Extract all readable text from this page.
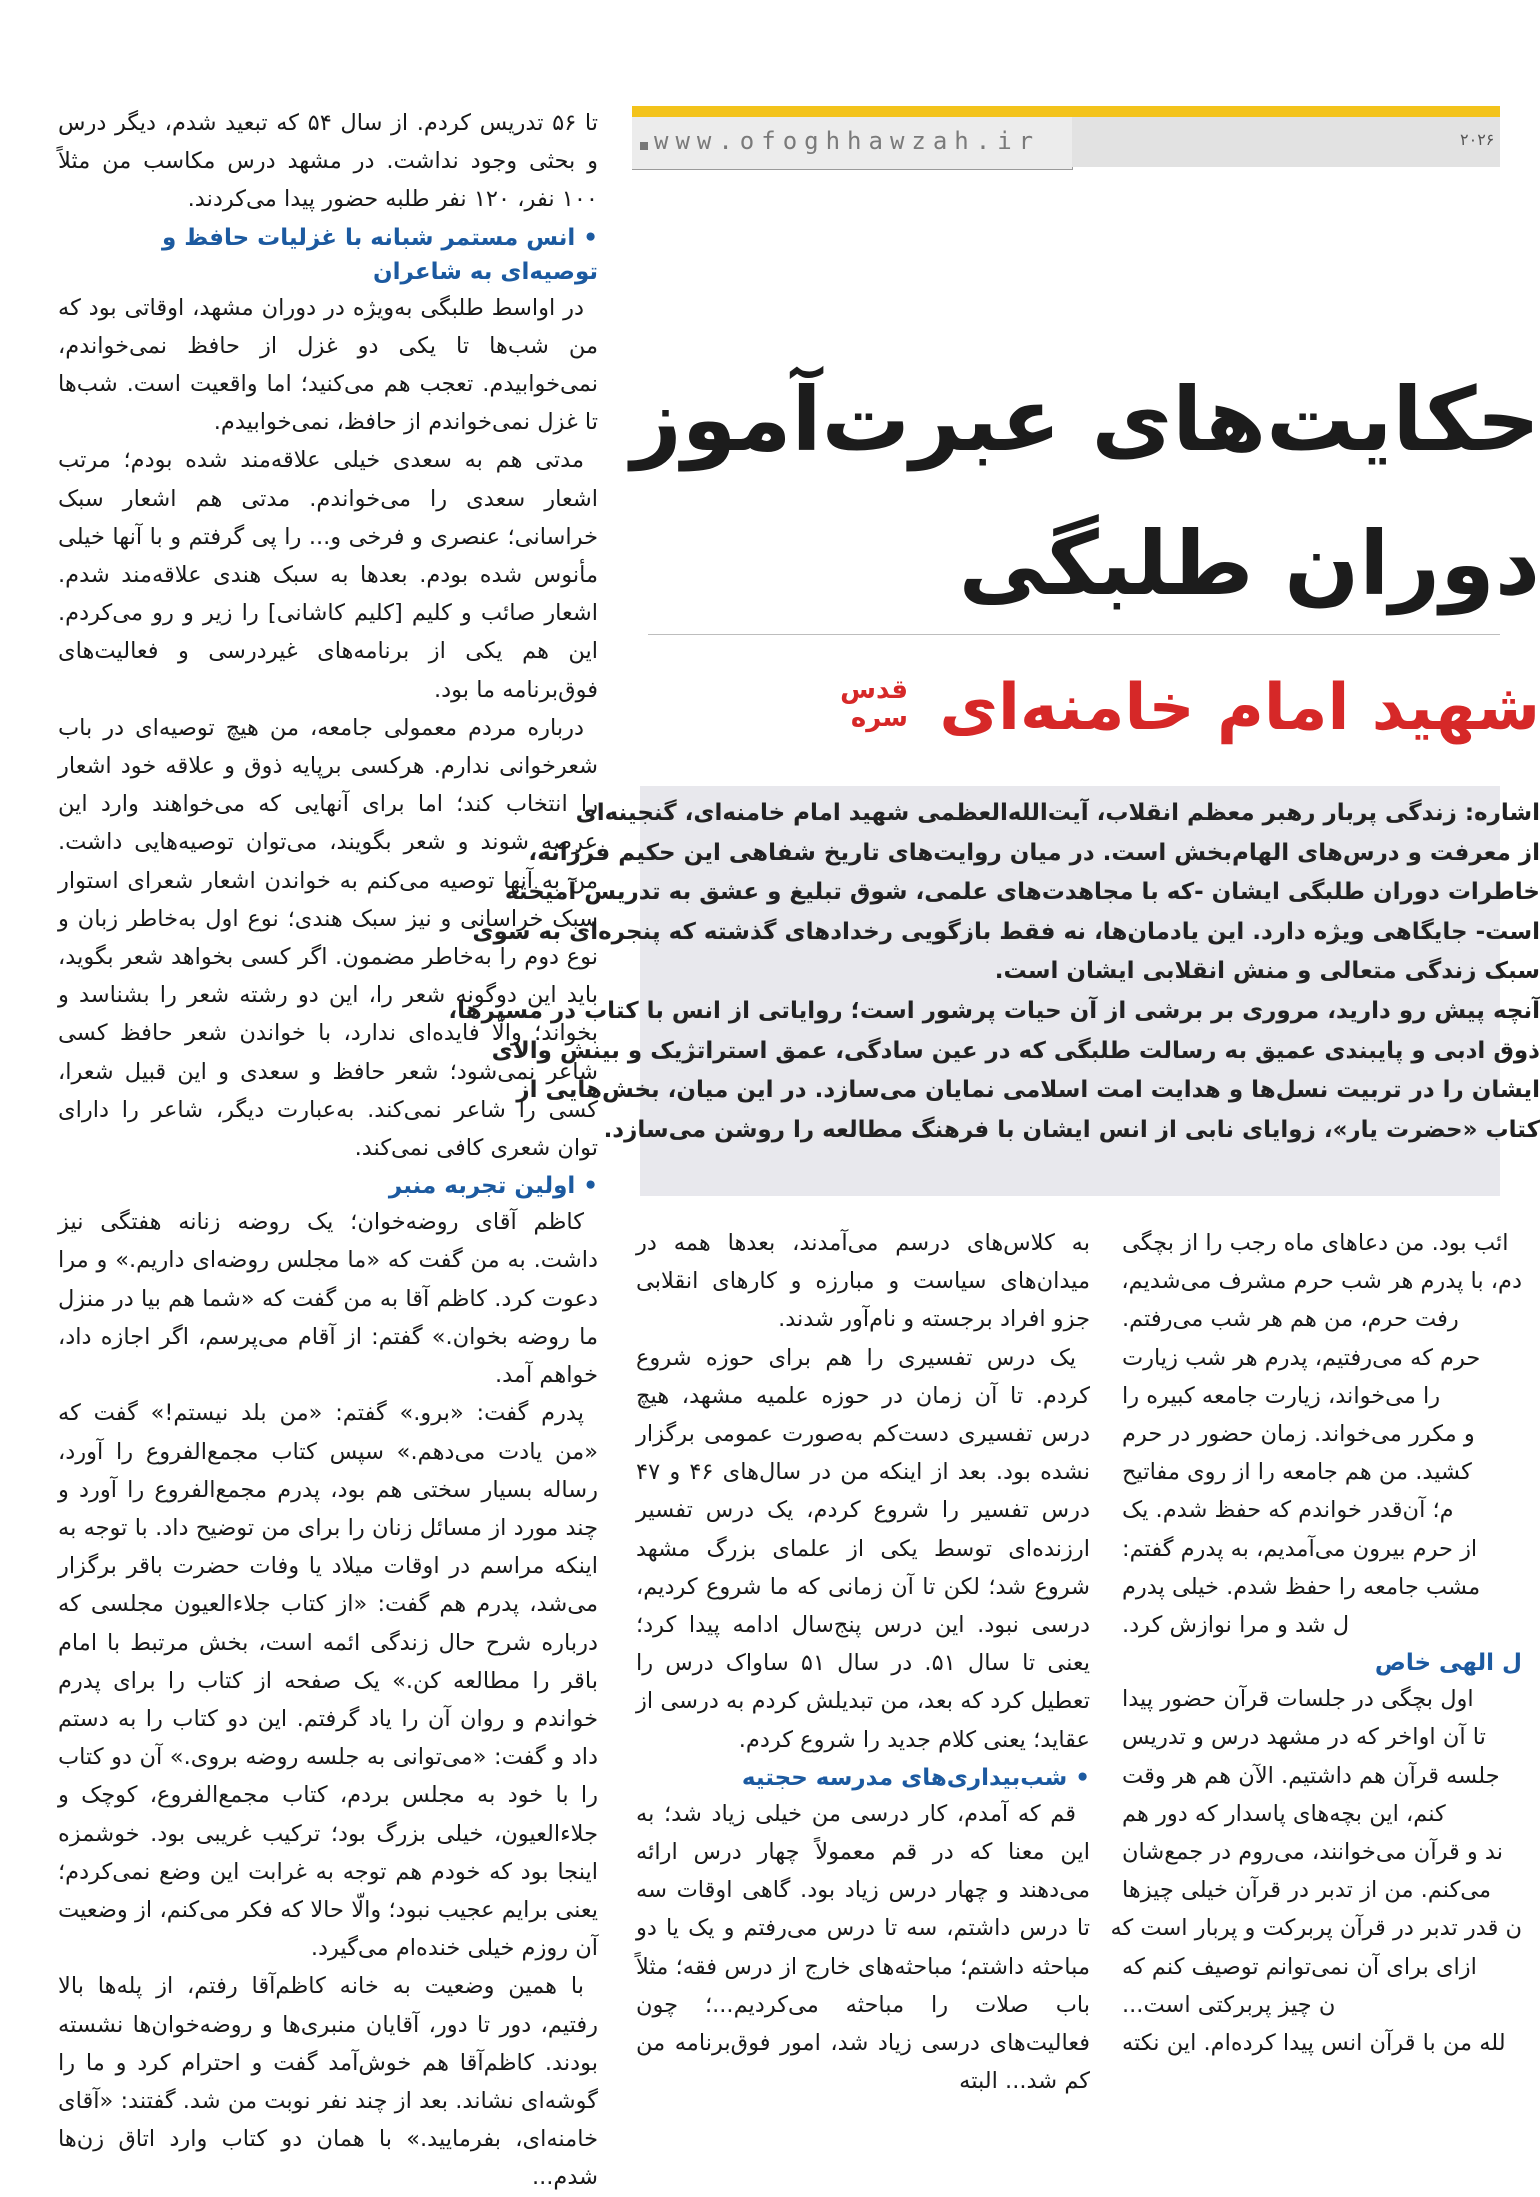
www.ofoghhawzah.ir	۲۰۲۶
حکایت‌های عبرت‌آموز
دوران طلبگی
شهید امام خامنه‌ای
قدس سره

اشاره: زندگی پربار رهبر معظم انقلاب، آیت‌الله‌العظمی شهید امام خامنه‌ای، گنجینه‌ای

از معرفت و درس‌های الهام‌بخش است. در میان روایت‌های تاریخ شفاهی این حکیم فرزانه،

خاطرات دوران طلبگی ایشان -که با مجاهدت‌های علمی، شوق تبلیغ و عشق به تدریس آمیخته

است- جایگاهی ویژه دارد. این یادمان‌ها، نه فقط بازگویی رخدادهای گذشته که پنجره‌ای به سوی

سبک زندگی متعالی و منش انقلابی ایشان است.

آنچه پیش رو دارید، مروری بر برشی از آن حیات پرشور است؛ روایاتی از انس با کتاب در مسیرها،

ذوق ادبی و پایبندی عمیق به رسالت طلبگی که در عین سادگی، عمق استراتژیک و بینش والای

ایشان را در تربیت نسل‌ها و هدایت امت اسلامی نمایان می‌سازد. در این میان، بخش‌هایی از

کتاب «حضرت یار»، زوایای نابی از انس ایشان با فرهنگ مطالعه را روشن می‌سازد.

تا ۵۶ تدریس کردم. از سال ۵۴ که تبعید شدم، دیگر درس و بحثی وجود نداشت. در مشهد درس مکاسب من مثلاً ۱۰۰ نفر، ۱۲۰ نفر طلبه حضور پیدا می‌کردند.

• انس مستمر شبانه با غزلیات حافظ و توصیه‌ای به شاعران

در اواسط طلبگی به‌ویژه در دوران مشهد، اوقاتی بود که من شب‌ها تا یکی دو غزل از حافظ نمی‌خواندم، نمی‌خوابیدم. تعجب هم می‌کنید؛ اما واقعیت است. شب‌ها تا غزل نمی‌خواندم از حافظ، نمی‌خوابیدم.

مدتی هم به سعدی خیلی علاقه‌مند شده بودم؛ مرتب اشعار سعدی را می‌خواندم. مدتی هم اشعار سبک خراسانی؛ عنصری و فرخی و... را پی گرفتم و با آنها خیلی مأنوس شده بودم. بعدها به سبک هندی علاقه‌مند شدم. اشعار صائب و کلیم [کلیم کاشانی] را زیر و رو می‌کردم. این هم یکی از برنامه‌های غیردرسی و فعالیت‌های فوق‌برنامه ما بود.

درباره مردم معمولی جامعه، من هیچ توصیه‌ای در باب شعرخوانی ندارم. هرکسی برپایه ذوق و علاقه خود اشعار را انتخاب کند؛ اما برای آنهایی که می‌خواهند وارد این عرصه شوند و شعر بگویند، می‌توان توصیه‌هایی داشت. من به آنها توصیه می‌کنم به خواندن اشعار شعرای استوار سبک خراسانی و نیز سبک هندی؛ نوع اول به‌خاطر زبان و نوع دوم را به‌خاطر مضمون. اگر کسی بخواهد شعر بگوید، باید این دوگونه شعر را، این دو رشته شعر را بشناسد و بخواند؛ والّا فایده‌ای ندارد، با خواندن شعر حافظ کسی شاعر نمی‌شود؛ شعر حافظ و سعدی و این قبیل شعرا، کسی را شاعر نمی‌کند. به‌عبارت دیگر، شاعر را دارای توان شعری کافی نمی‌کند.

• اولین تجربه منبر

کاظم آقای روضه‌خوان؛ یک روضه زنانه هفتگی نیز داشت. به من گفت که «ما مجلس روضه‌ای داریم.» و مرا دعوت کرد. کاظم آقا به من گفت که «شما هم بیا در منزل ما روضه بخوان.» گفتم: از آقام می‌پرسم، اگر اجازه داد، خواهم آمد.

پدرم گفت: «برو.» گفتم: «من بلد نیستم!» گفت که «من یادت می‌دهم.» سپس کتاب مجمع‌الفروع را آورد، رساله بسیار سختی هم بود، پدرم مجمع‌الفروع را آورد و چند مورد از مسائل زنان را برای من توضیح داد. با توجه به اینکه مراسم در اوقات میلاد یا وفات حضرت باقر برگزار می‌شد، پدرم هم گفت: «از کتاب جلاء‌العیون مجلسی که درباره شرح حال زندگی ائمه است، بخش مرتبط با امام باقر را مطالعه کن.» یک صفحه از کتاب را برای پدرم خواندم و روان آن را یاد گرفتم. این دو کتاب را به دستم داد و گفت: «می‌توانی به جلسه روضه بروی.» آن دو کتاب را با خود به مجلس بردم، کتاب مجمع‌الفروع، کوچک و جلاء‌العیون، خیلی بزرگ بود؛ ترکیب غریبی بود. خوشمزه اینجا بود که خودم هم توجه به غرابت این وضع نمی‌کردم؛ یعنی برایم عجیب نبود؛ والّا حالا که فکر می‌کنم، از وضعیت آن روزم خیلی خنده‌ام می‌گیرد.

با همین وضعیت به خانه کاظم‌آقا رفتم، از پله‌ها بالا رفتیم، دور تا دور، آقایان منبری‌ها و روضه‌خوان‌ها نشسته بودند. کاظم‌آقا هم خوش‌آمد گفت و احترام کرد و ما را گوشه‌ای نشاند. بعد از چند نفر نوبت من شد. گفتند: «آقای خامنه‌ای، بفرمایید.» با همان دو کتاب وارد اتاق زن‌ها شدم...

به کلاس‌های درسم می‌آمدند، بعدها همه در میدان‌های سیاست و مبارزه و کارهای انقلابی جزو افراد برجسته و نام‌آور شدند.

یک درس تفسیری را هم برای حوزه شروع کردم. تا آن زمان در حوزه علمیه مشهد، هیچ درس تفسیری دست‌کم به‌صورت عمومی برگزار نشده بود. بعد از اینکه من در سال‌های ۴۶ و ۴۷ درس تفسیر را شروع کردم، یک درس تفسیر ارزنده‌ای توسط یکی از علمای بزرگ مشهد شروع شد؛ لکن تا آن زمانی که ما شروع کردیم، درسی نبود. این درس پنج‌سال ادامه پیدا کرد؛ یعنی تا سال ۵۱. در سال ۵۱ ساواک درس را تعطیل کرد که بعد، من تبدیلش کردم به درسی از عقاید؛ یعنی کلام جدید را شروع کردم.

• شب‌بیداری‌های مدرسه حجتیه

قم که آمدم، کار درسی من خیلی زیاد شد؛ به این معنا که در قم معمولاً چهار درس ارائه می‌دهند و چهار درس زیاد بود. گاهی اوقات سه تا درس داشتم، سه تا درس می‌رفتم و یک یا دو مباحثه داشتم؛ مباحثه‌های خارج از درس فقه؛ مثلاً باب صلات را مباحثه می‌کردیم...؛ چون فعالیت‌های درسی زیاد شد، امور فوق‌برنامه من کم شد... البته

ائب بود. من دعاهای ماه رجب را از بچگی
دم، با پدرم هر شب حرم مشرف می‌شدیم،
رفت حرم، من هم هر شب می‌رفتم.
حرم که می‌رفتیم، پدرم هر شب زیارت
را می‌خواند، زیارت جامعه کبیره را
و مکرر می‌خواند. زمان حضور در حرم
کشید. من هم جامعه را از روی مفاتیح
م؛ آن‌قدر خواندم که حفظ شدم. یک
از حرم بیرون می‌آمدیم، به پدرم گفتم:
مشب جامعه را حفظ شدم. خیلی پدرم
ل شد و مرا نوازش کرد.
ل الهی خاص
اول بچگی در جلسات قرآن حضور پیدا
تا آن اواخر که در مشهد درس و تدریس
جلسه قرآن هم داشتیم. الآن هم هر وقت
کنم، این بچه‌های پاسدار که دور هم
ند و قرآن می‌خوانند، می‌روم در جمع‌شان
می‌کنم. من از تدبر در قرآن خیلی چیزها
ن قدر تدبر در قرآن پربرکت و پربار است که
ازای برای آن نمی‌توانم توصیف کنم که
ن چیز پربرکتی است...
لله من با قرآن انس پیدا کرده‌ام. این نکته
